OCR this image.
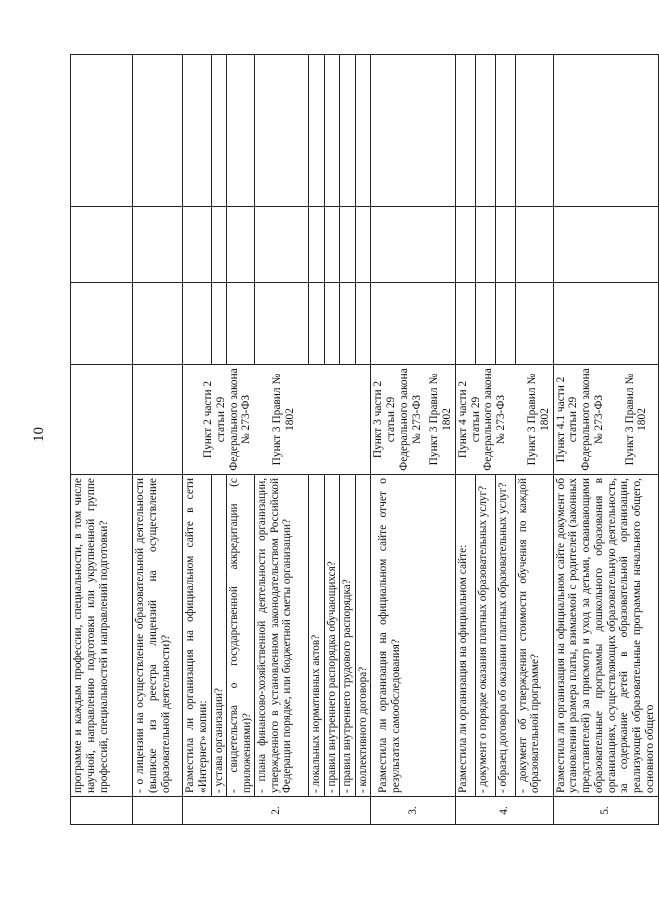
10
	программе и каждым профессии, специальности, в том числе научной, направлению подготовки или укрупненной группе профессий, специальностей и направлений подготовки?				
	- о лицензии на осуществление образовательной деятельности (выписке из реестра лицензий на осуществление образовательной деятельности)?				
2.	Разместила ли организация на официальном сайте в сети «Интернет» копии:	Пункт 2 части 2 статьи 29 Федерального закона № 273-ФЗ Пункт 3 Правил № 1802			

	- устава организации?				
	- свидетельства о государственной аккредитации (с приложениями)?				
	- плана финансово-хозяйственной деятельности организации, утвержденного в установленном законодательством Российской Федерации порядке, или бюджетной сметы организации?				
	- локальных нормативных актов?				
	- правил внутреннего распорядка обучающихся?				
	- правил внутреннего трудового распорядка?				
	- коллективного договора?				
3.	Разместила ли организация на официальном сайте отчет о результатах самообследования?	Пункт 3 части 2 статьи 29 Федерального закона № 273-ФЗ Пункт 3 Правил № 1802			

4.	Разместила ли организация на официальном сайте:	Пункт 4 части 2 статьи 29 Федерального закона № 273-ФЗ Пункт 3 Правил № 1802			

	- документ о порядке оказания платных образовательных услуг?				
	- образец договора об оказании платных образовательных услуг?				
	- документ об утверждении стоимости обучения по каждой образовательной программе?				
5.	Разместила ли организация на официальном сайте документ об установлении размера платы, взимаемой с родителей (законных представителей) за присмотр и уход за детьми, осваивающими образовательные программы дошкольного образования в организациях, осуществляющих образовательную деятельность, за содержание детей в образовательной организации, реализующей образовательные программы начального общего, основного общего	Пункт 4.1 части 2 статьи 29 Федерального закона № 273-ФЗ Пункт 3 Правил № 1802			
